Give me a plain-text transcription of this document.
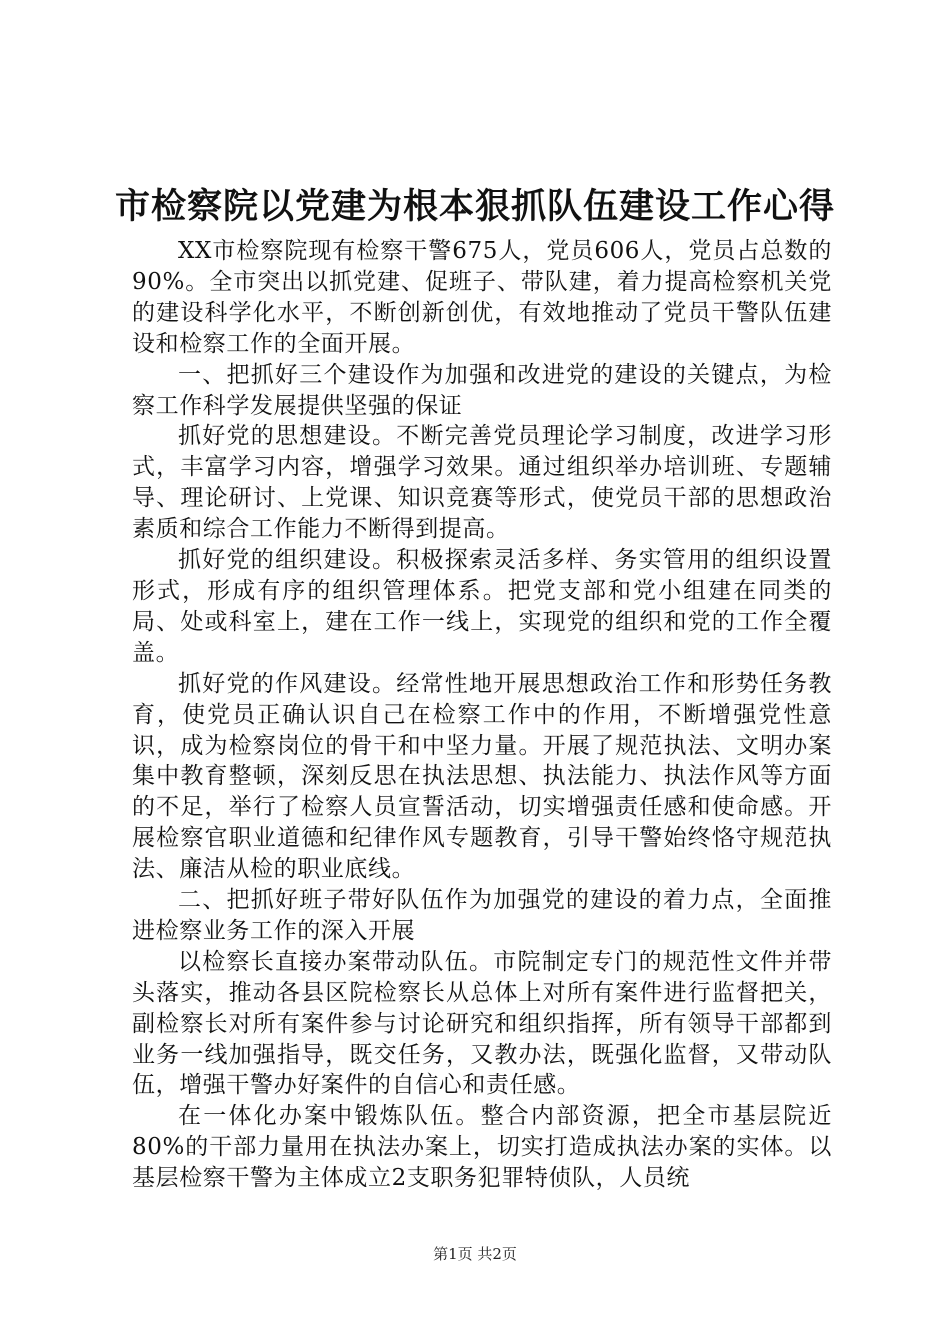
市检察院以党建为根本狠抓队伍建设工作心得

XX市检察院现有检察干警675人，党员606人，党员占总数的90%。全市突出以抓党建、促班子、带队建，着力提高检察机关党的建设科学化水平，不断创新创优，有效地推动了党员干警队伍建设和检察工作的全面开展。

一、把抓好三个建设作为加强和改进党的建设的关键点，为检察工作科学发展提供坚强的保证

抓好党的思想建设。不断完善党员理论学习制度，改进学习形式，丰富学习内容，增强学习效果。通过组织举办培训班、专题辅导、理论研讨、上党课、知识竞赛等形式，使党员干部的思想政治素质和综合工作能力不断得到提高。

抓好党的组织建设。积极探索灵活多样、务实管用的组织设置形式，形成有序的组织管理体系。把党支部和党小组建在同类的局、处或科室上，建在工作一线上，实现党的组织和党的工作全覆盖。

抓好党的作风建设。经常性地开展思想政治工作和形势任务教育，使党员正确认识自己在检察工作中的作用，不断增强党性意识，成为检察岗位的骨干和中坚力量。开展了规范执法、文明办案集中教育整顿，深刻反思在执法思想、执法能力、执法作风等方面的不足，举行了检察人员宣誓活动，切实增强责任感和使命感。开展检察官职业道德和纪律作风专题教育，引导干警始终恪守规范执法、廉洁从检的职业底线。

二、把抓好班子带好队伍作为加强党的建设的着力点，全面推进检察业务工作的深入开展

以检察长直接办案带动队伍。市院制定专门的规范性文件并带头落实，推动各县区院检察长从总体上对所有案件进行监督把关，副检察长对所有案件参与讨论研究和组织指挥，所有领导干部都到业务一线加强指导，既交任务，又教办法，既强化监督，又带动队伍，增强干警办好案件的自信心和责任感。

在一体化办案中锻炼队伍。整合内部资源，把全市基层院近80%的干部力量用在执法办案上，切实打造成执法办案的实体。以基层检察干警为主体成立2支职务犯罪特侦队，人员统

第1页 共2页
